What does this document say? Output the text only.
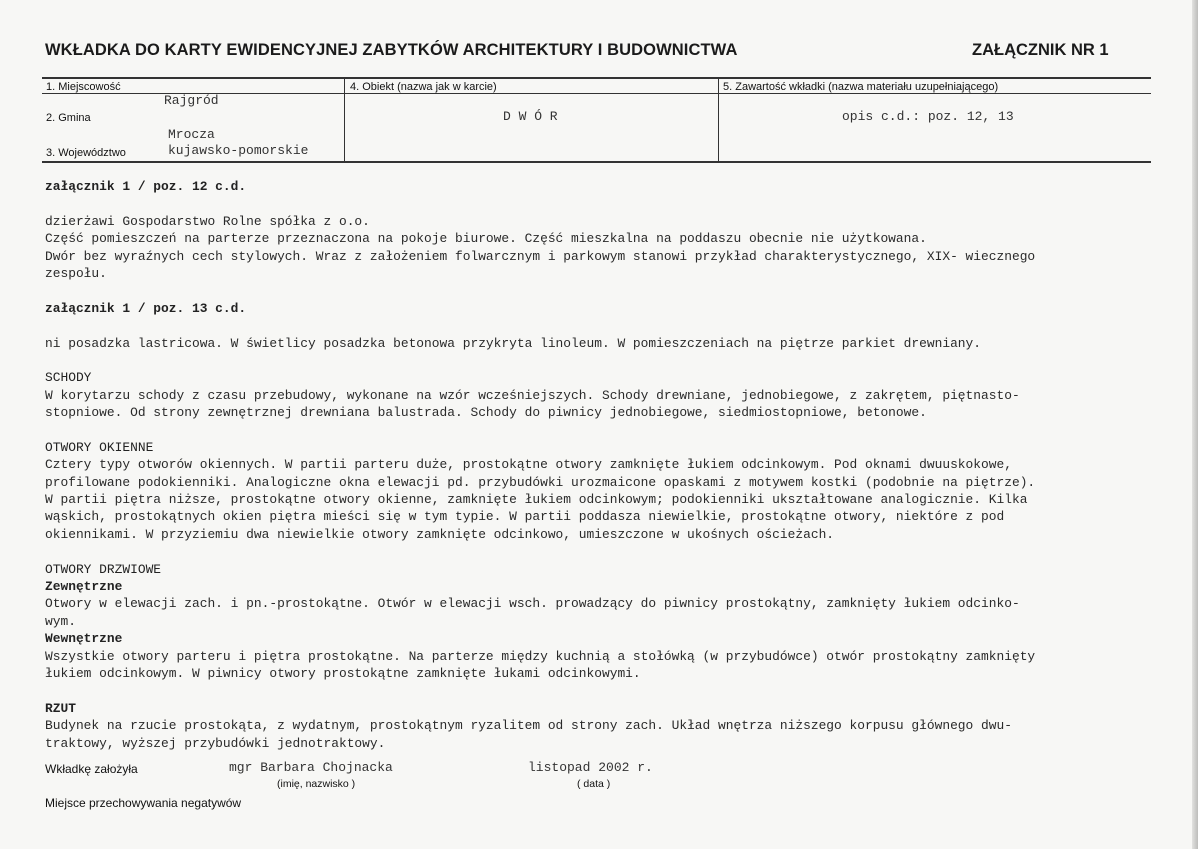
WKŁADKA DO KARTY EWIDENCYJNEJ ZABYTKÓW ARCHITEKTURY I BUDOWNICTWA	ZAŁĄCZNIK NR 1
1. Miejscowość
Rajgród
2. Gmina
Mrocza
3. Województwo	kujawsko-pomorskie
4. Obiekt (nazwa jak w karcie)
D W Ó R
5. Zawartość wkładki (nazwa materiału uzupełniającego)
opis c.d.: poz. 12, 13
załącznik 1 / poz. 12 c.d.
dzierżawi Gospodarstwo Rolne spółka z o.o.
Część pomieszczeń na parterze przeznaczona na pokoje biurowe. Część mieszkalna na poddaszu obecnie nie użytkowana.
Dwór bez wyraźnych cech stylowych. Wraz z założeniem folwarcznym i parkowym stanowi przykład charakterystycznego, XIX- wiecznego
zespołu.
załącznik 1 / poz. 13 c.d.
ni posadzka lastricowa. W świetlicy posadzka betonowa przykryta linoleum. W pomieszczeniach na piętrze parkiet drewniany.
SCHODY
W korytarzu schody z czasu przebudowy, wykonane na wzór wcześniejszych. Schody drewniane, jednobiegowe, z zakrętem, piętnasto-
stopniowe. Od strony zewnętrznej drewniana balustrada. Schody do piwnicy jednobiegowe, siedmiostopniowe, betonowe.
OTWORY OKIENNE
Cztery typy otworów okiennych. W partii parteru duże, prostokątne otwory zamknięte łukiem odcinkowym. Pod oknami dwuuskokowe,
profilowane podokienniki. Analogiczne okna elewacji pd. przybudówki urozmaicone opaskami z motywem kostki (podobnie na piętrze).
W partii piętra niższe, prostokątne otwory okienne, zamknięte łukiem odcinkowym; podokienniki ukształtowane analogicznie. Kilka
wąskich, prostokątnych okien piętra mieści się w tym typie. W partii poddasza niewielkie, prostokątne otwory, niektóre z pod
okiennikami. W przyziemiu dwa niewielkie otwory zamknięte odcinkowo, umieszczone w ukośnych ościeżach.
OTWORY DRZWIOWE
Zewnętrzne
Otwory w elewacji zach. i pn.-prostokątne. Otwór w elewacji wsch. prowadzący do piwnicy prostokątny, zamknięty łukiem odcinko-
wym.
Wewnętrzne
Wszystkie otwory parteru i piętra prostokątne. Na parterze między kuchnią a stołówką (w przybudówce) otwór prostokątny zamknięty
łukiem odcinkowym. W piwnicy otwory prostokątne zamknięte łukami odcinkowymi.
RZUT
Budynek na rzucie prostokąta, z wydatnym, prostokątnym ryzalitem od strony zach. Układ wnętrza niższego korpusu głównego dwu-
traktowy, wyższej przybudówki jednotraktowy.
Wkładkę założyła	mgr Barbara Chojnacka
(imię, nazwisko )
listopad 2002 r.
( data )
Miejsce przechowywania negatywów
